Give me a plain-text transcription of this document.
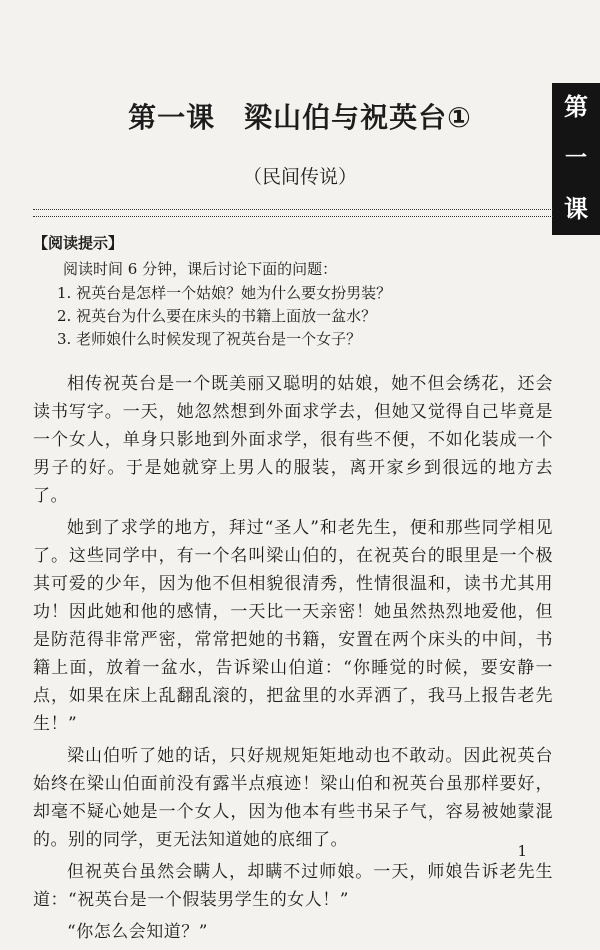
第
一
课
第一课　梁山伯与祝英台①
（民间传说）
【阅读提示】
阅读时间 6 分钟，课后讨论下面的问题：
1. 祝英台是怎样一个姑娘？她为什么要女扮男装？
2. 祝英台为什么要在床头的书籍上面放一盆水？
3. 老师娘什么时候发现了祝英台是一个女子？

相传祝英台是一个既美丽又聪明的姑娘，她不但会绣花，还会读书写字。一天，她忽然想到外面求学去，但她又觉得自己毕竟是一个女人，单身只影地到外面求学，很有些不便，不如化装成一个男子的好。于是她就穿上男人的服装，离开家乡到很远的地方去了。

她到了求学的地方，拜过“圣人”和老先生，便和那些同学相见了。这些同学中，有一个名叫梁山伯的，在祝英台的眼里是一个极其可爱的少年，因为他不但相貌很清秀，性情很温和，读书尤其用功！因此她和他的感情，一天比一天亲密！她虽然热烈地爱他，但是防范得非常严密，常常把她的书籍，安置在两个床头的中间，书籍上面，放着一盆水，告诉梁山伯道：“你睡觉的时候，要安静一点，如果在床上乱翻乱滚的，把盆里的水弄洒了，我马上报告老先生！”

梁山伯听了她的话，只好规规矩矩地动也不敢动。因此祝英台始终在梁山伯面前没有露半点痕迹！梁山伯和祝英台虽那样要好，却毫不疑心她是一个女人，因为他本有些书呆子气，容易被她蒙混的。别的同学，更无法知道她的底细了。

但祝英台虽然会瞒人，却瞒不过师娘。一天，师娘告诉老先生道：“祝英台是一个假装男学生的女人！”

“你怎么会知道？”

1
